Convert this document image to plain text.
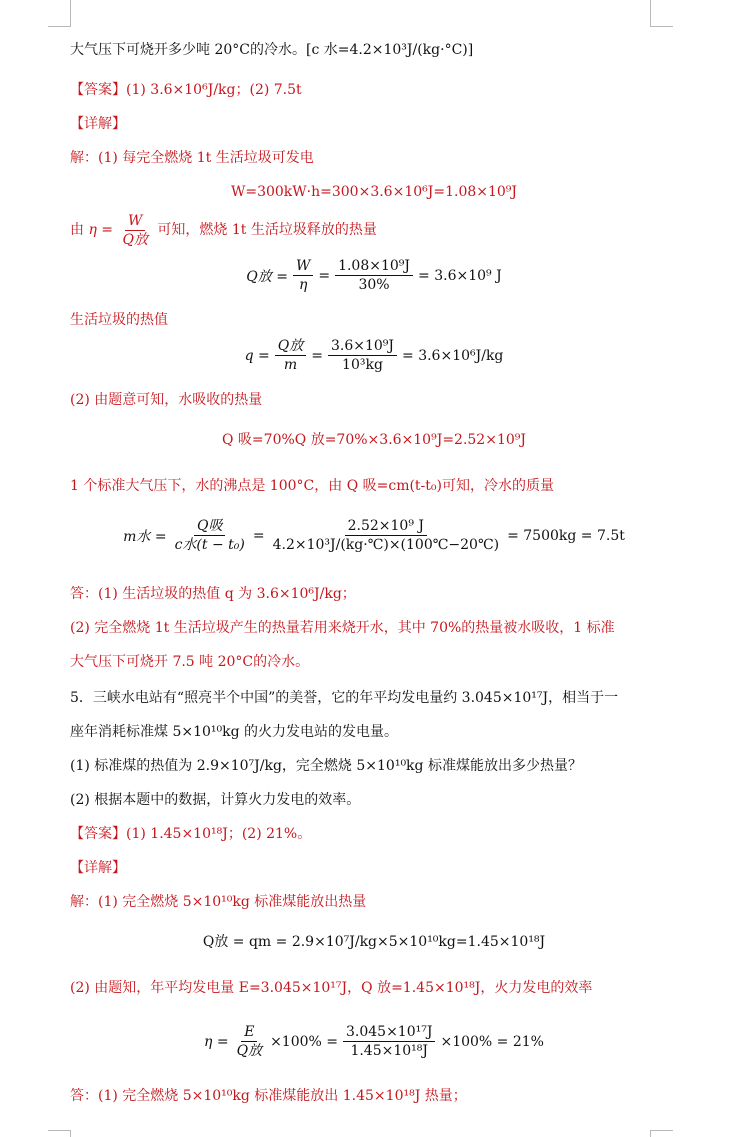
大气压下可烧开多少吨 20°C的冷水。[c 水=4.2×10³J/(kg·°C)]
【答案】(1) 3.6×10⁶J/kg；(2) 7.5t
【详解】
解：(1) 每完全燃烧 1t 生活垃圾可发电
W=300kW·h=300×3.6×10⁶J=1.08×10⁹J
由 $\eta = \frac{W}{\text{Q放}}$ 可知，燃烧 1t 生活垃圾释放的热量
Q放 = $\frac{W}{\eta} = \frac{\text{1.08×10⁹J}}{30\%} = 3.6\times 10^9$ J
生活垃圾的热值
$q = \frac{\text{Q放}}{m} = \frac{\text{3.6×10⁹J}}{\text{10³kg}} = 3.6\times 10^6J/kg$
(2) 由题意可知，水吸收的热量
Q 吸=70%Q 放=70%×3.6×10⁹J=2.52×10⁹J
1 个标准大气压下，水的沸点是 100°C，由 Q 吸=cm(t-t₀)可知，冷水的质量
m水 = $\frac{\text{Q吸}}{\text{c水(t − t₀)}} = \frac{\text{2.52×10⁹ J}}{\text{4.2×10³J/(kg·℃)×(100℃−20℃)}} = 7500kg = 7.5t$
答：(1) 生活垃圾的热值 q 为 3.6×10⁶J/kg；
(2) 完全燃烧 1t 生活垃圾产生的热量若用来烧开水，其中 70%的热量被水吸收，1 标准
大气压下可烧开 7.5 吨 20°C的冷水。
5．三峡水电站有“照亮半个中国”的美誉，它的年平均发电量约 3.045×10¹⁷J，相当于一
座年消耗标准煤 5×10¹⁰kg 的火力发电站的发电量。
(1) 标准煤的热值为 2.9×10⁷J/kg，完全燃烧 5×10¹⁰kg 标准煤能放出多少热量？
(2) 根据本题中的数据，计算火力发电的效率。
【答案】(1) 1.45×10¹⁸J；(2) 21%。
【详解】
解：(1) 完全燃烧 5×10¹⁰kg 标准煤能放出热量
Q放 = qm = 2.9×10⁷J/kg×5×10¹⁰kg=1.45×10¹⁸J
(2) 由题知，年平均发电量 E=3.045×10¹⁷J，Q 放=1.45×10¹⁸J，火力发电的效率
$\eta = \frac{E}{\text{Q放}} \times 100\% = \frac{\text{3.045×10¹⁷J}}{\text{1.45×10¹⁸J}} \times 100\% = 21\%$
答：(1) 完全燃烧 5×10¹⁰kg 标准煤能放出 1.45×10¹⁸J 热量；
